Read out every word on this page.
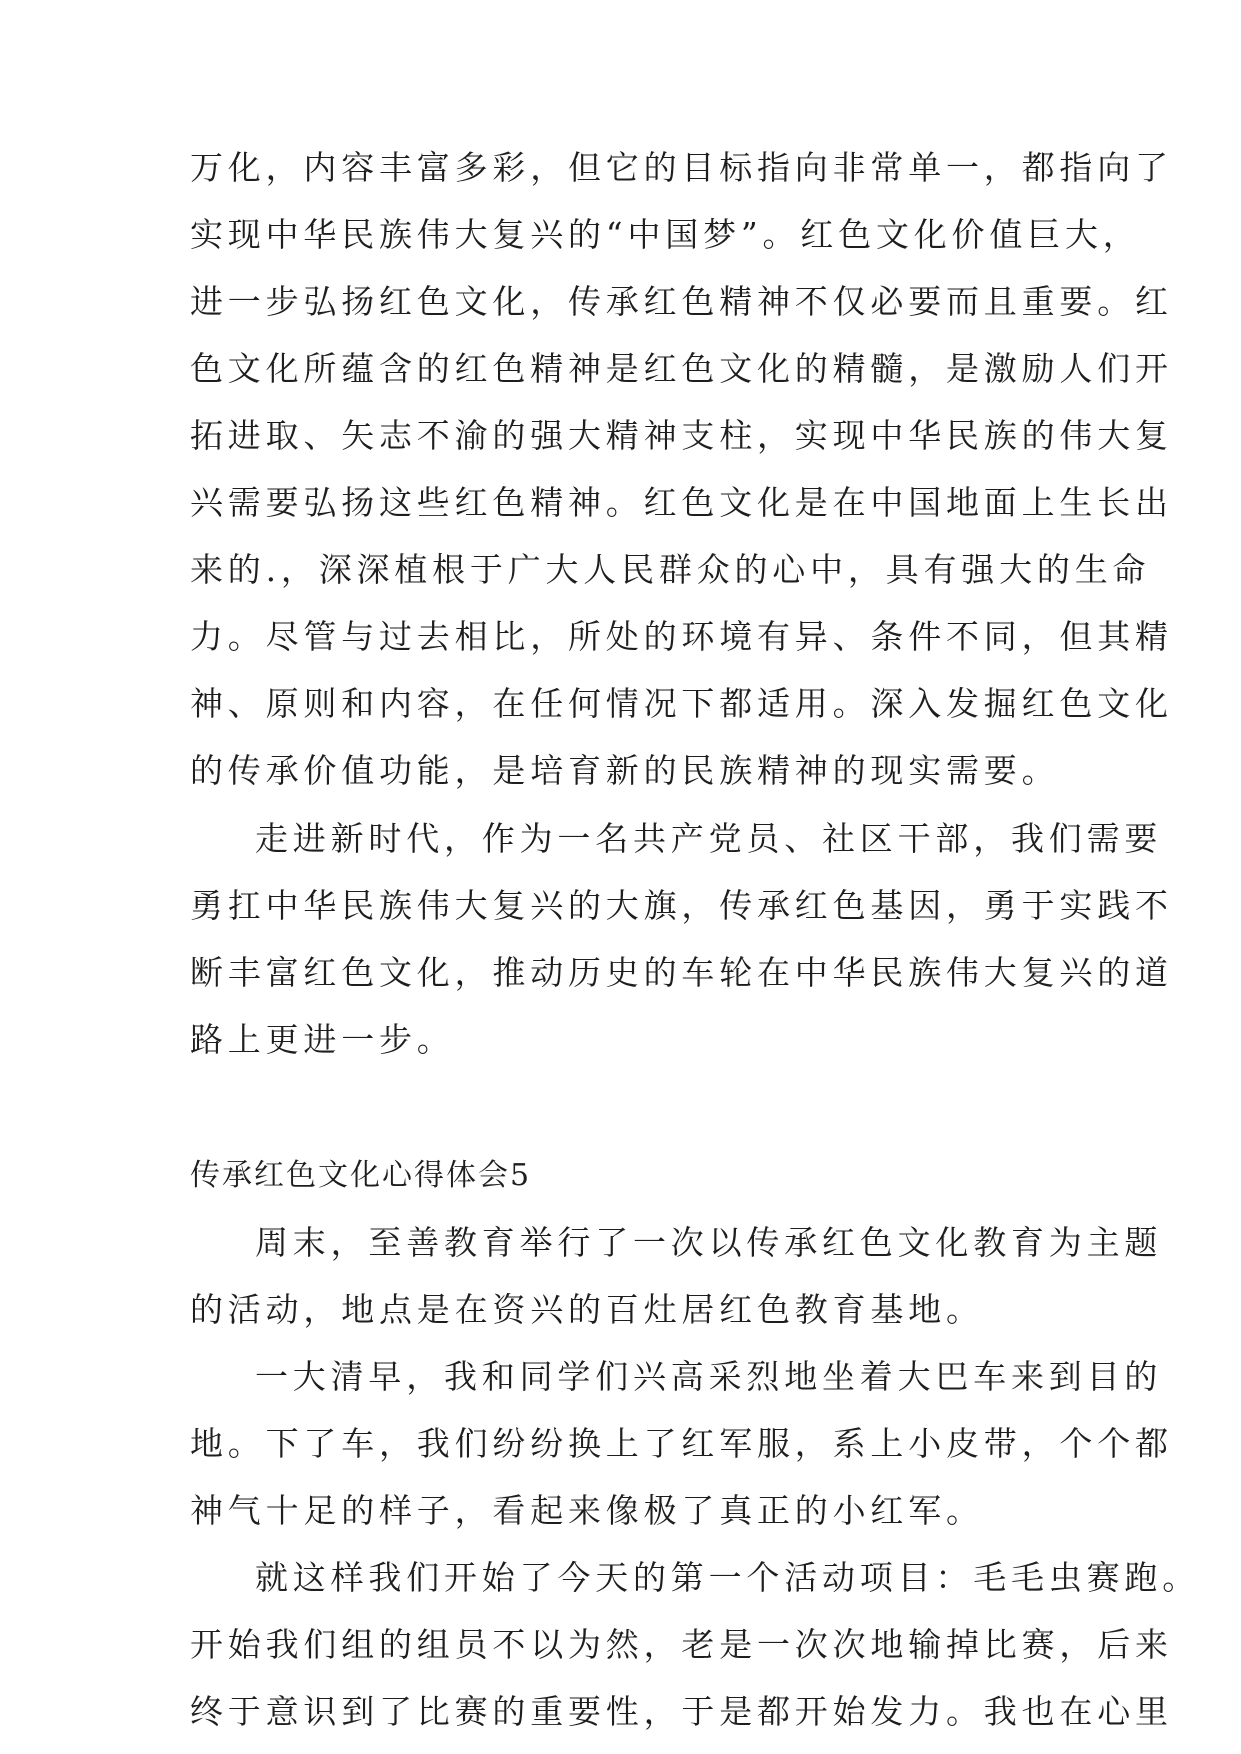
万化，内容丰富多彩，但它的目标指向非常单一，都指向了
实现中华民族伟大复兴的“中国梦”。红色文化价值巨大，
进一步弘扬红色文化，传承红色精神不仅必要而且重要。红
色文化所蕴含的红色精神是红色文化的精髓，是激励人们开
拓进取、矢志不渝的强大精神支柱，实现中华民族的伟大复
兴需要弘扬这些红色精神。红色文化是在中国地面上生长出
来的.，深深植根于广大人民群众的心中，具有强大的生命
力。尽管与过去相比，所处的环境有异、条件不同，但其精
神、原则和内容，在任何情况下都适用。深入发掘红色文化
的传承价值功能，是培育新的民族精神的现实需要。
走进新时代，作为一名共产党员、社区干部，我们需要
勇扛中华民族伟大复兴的大旗，传承红色基因，勇于实践不
断丰富红色文化，推动历史的车轮在中华民族伟大复兴的道
路上更进一步。
传承红色文化心得体会5
周末，至善教育举行了一次以传承红色文化教育为主题
的活动，地点是在资兴的百灶居红色教育基地。
一大清早，我和同学们兴高采烈地坐着大巴车来到目的
地。下了车，我们纷纷换上了红军服，系上小皮带，个个都
神气十足的样子，看起来像极了真正的小红军。
就这样我们开始了今天的第一个活动项目：毛毛虫赛跑。
开始我们组的组员不以为然，老是一次次地输掉比赛，后来
终于意识到了比赛的重要性，于是都开始发力。我也在心里
